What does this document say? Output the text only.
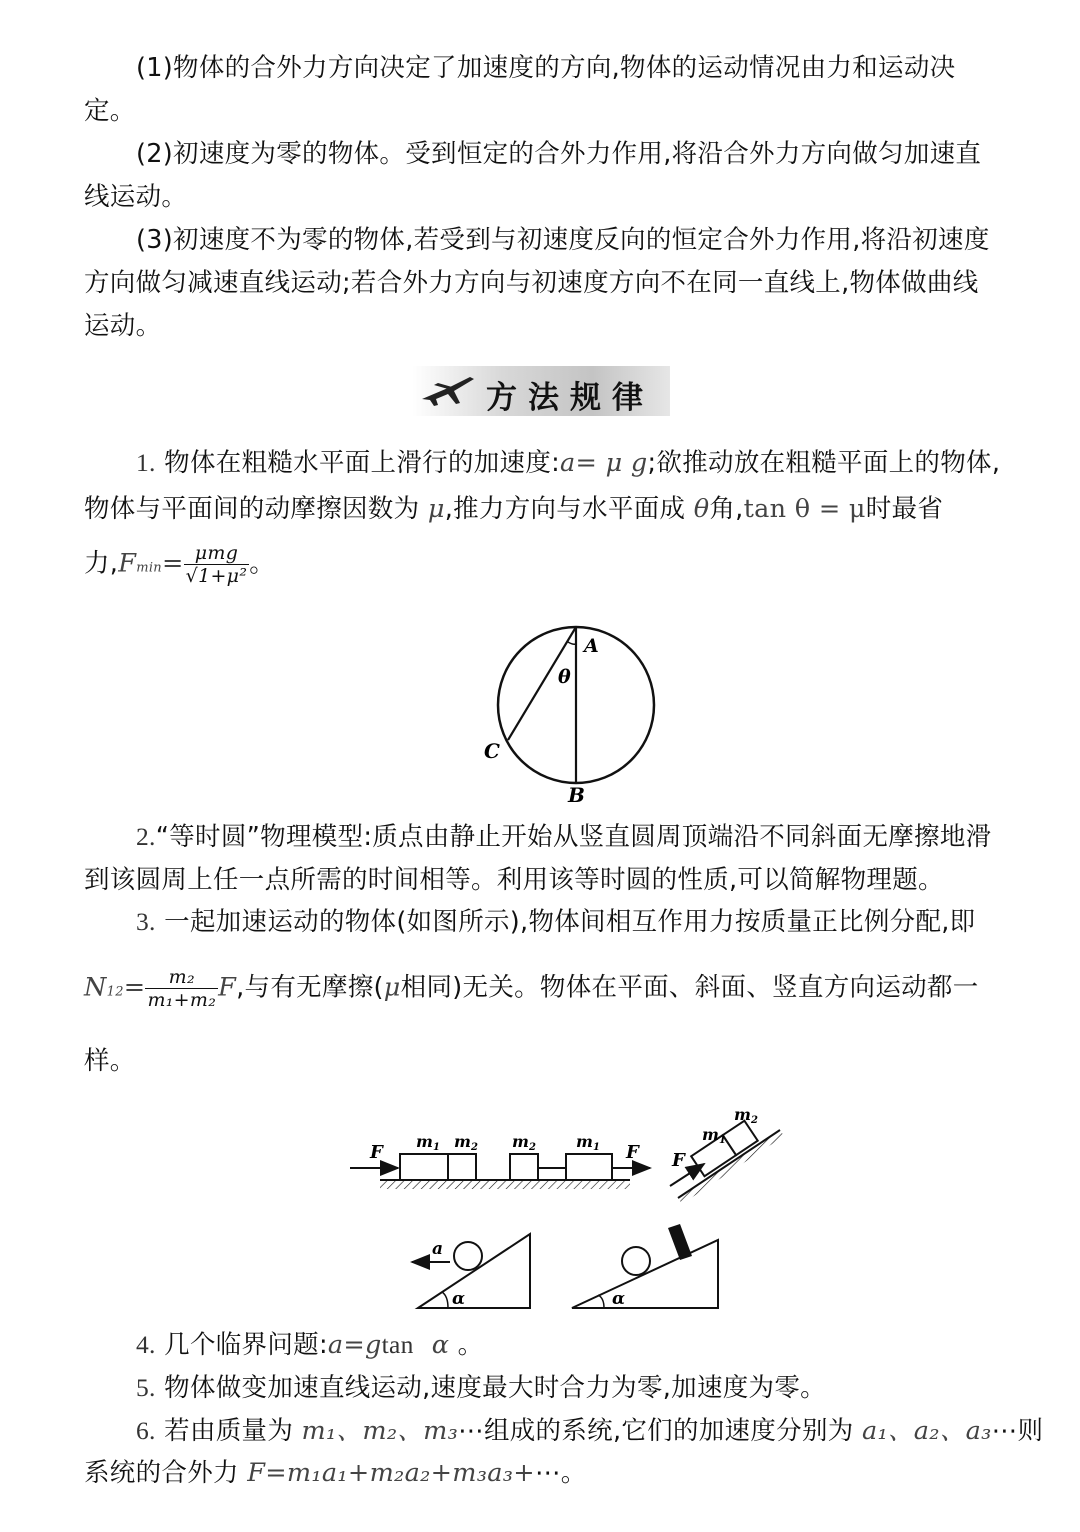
(1)物体的合外力方向决定了加速度的方向,物体的运动情况由力和运动决定。

(2)初速度为零的物体。受到恒定的合外力作用,将沿合外力方向做匀加速直线运动。

(3)初速度不为零的物体,若受到与初速度反向的恒定合外力作用,将沿初速度方向做匀减速直线运动;若合外力方向与初速度方向不在同一直线上,物体做曲线运动。

方法规律
1. 物体在粗糙水平面上滑行的加速度:a= μ g;欲推动放在粗糙平面上的物体,
物体与平面间的动摩擦因数为 μ,推力方向与水平面成 θ角,tan θ = μ时最省
力$,Fmin= \frac{\text{μmg}}{\text{√1+μ²}}$ 。
A
θ
C
B

2.“等时圆”物理模型:质点由静止开始从竖直圆周顶端沿不同斜面无摩擦地滑到该圆周上任一点所需的时间相等。利用该等时圆的性质,可以简解物理题。

3. 一起加速运动的物体(如图所示),物体间相互作用力按质量正比例分配,即
$N12= \frac{\text{m₂}}{\text{m₁+m₂}} F$,与有无摩擦(μ相同)无关。物体在平面、斜面、竖直方向运动都一
样。
F
m1 m2 m2	m1 F F
m1
m2
a
α	α
4. 几个临界问题:a=gtan α 。
5. 物体做变加速直线运动,速度最大时合力为零,加速度为零。
6. 若由质量为 m₁、m₂、m₃⋯组成的系统,它们的加速度分别为 a₁、a₂、a₃⋯则
系统的合外力 F=m₁a₁+m₂a₂+m₃a₃+⋯。
